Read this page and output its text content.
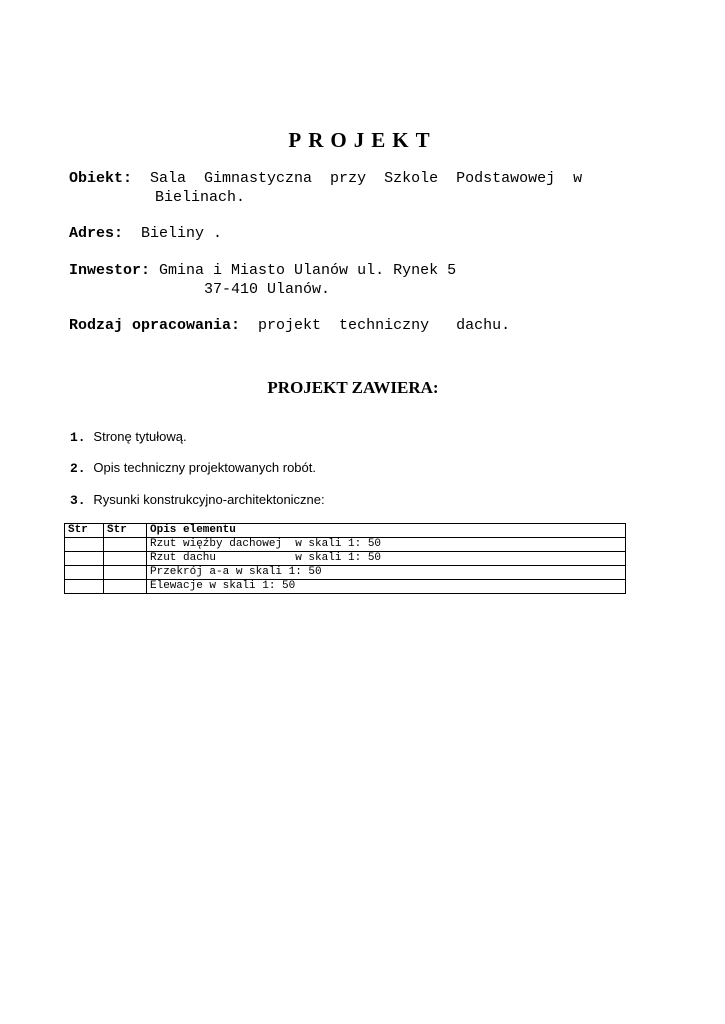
PROJEKT
Obiekt: Sala  Gimnastyczna  przy  Szkole  Podstawowej  w
Bielinach.
Adres: Bieliny .
Inwestor: Gmina i Miasto Ulanów ul. Rynek 5
37-410 Ulanów.
Rodzaj opracowania: projekt  techniczny   dachu.
PROJEKT ZAWIERA:
1. Stronę tytułową.
2. Opis techniczny projektowanych robót.
3. Rysunki konstrukcyjno-architektoniczne:
Str	Str	Opis elementu
		Rzut więźby dachowej  w skali 1: 50
		Rzut dachu            w skali 1: 50
		Przekrój a-a w skali 1: 50
		Elewacje w skali 1: 50
